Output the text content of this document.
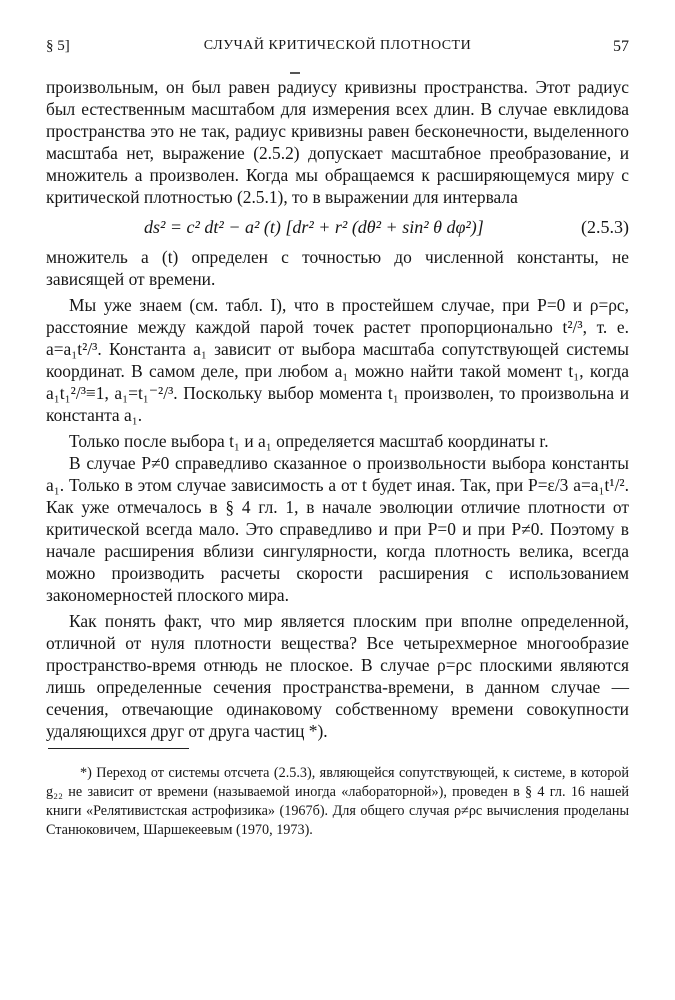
§ 5]	СЛУЧАЙ КРИТИЧЕСКОЙ ПЛОТНОСТИ	57

произвольным, он был равен радиусу кривизны пространства. Этот радиус был естественным масштабом для измерения всех длин. В случае евклидова пространства это не так, радиус кривизны равен бесконечности, выделенного масштаба нет, выражение (2.5.2) допускает масштабное преобразование, и множитель a произволен. Когда мы обращаемся к расширяющемуся миру с критической плотностью (2.5.1), то в выражении для интервала

ds² = c² dt² − a² (t) [dr² + r² (dθ² + sin² θ dφ²)]	(2.5.3)

множитель a (t) определен с точностью до численной константы, не зависящей от времени.

Мы уже знаем (см. табл. I), что в простейшем случае, при P=0 и ρ=ρc, расстояние между каждой парой точек растет пропорционально t²/³, т. е. a=a₁t²/³. Константа a₁ зависит от выбора масштаба сопутствующей системы координат. В самом деле, при любом a₁ можно найти такой момент t₁, когда a₁t₁²/³≡1, a₁=t₁⁻²/³. Поскольку выбор момента t₁ произволен, то произвольна и константа a₁.

Только после выбора t₁ и a₁ определяется масштаб координаты r.

В случае P≠0 справедливо сказанное о произвольности выбора константы a₁. Только в этом случае зависимость a от t будет иная. Так, при P=ε/3 a=a₁t¹/². Как уже отмечалось в § 4 гл. 1, в начале эволюции отличие плотности от критической всегда мало. Это справедливо и при P=0 и при P≠0. Поэтому в начале расширения вблизи сингулярности, когда плотность велика, всегда можно производить расчеты скорости расширения с использованием закономерностей плоского мира.

Как понять факт, что мир является плоским при вполне определенной, отличной от нуля плотности вещества? Все четырехмерное многообразие пространство-время отнюдь не плоское. В случае ρ=ρc плоскими являются лишь определенные сечения пространства-времени, в данном случае — сечения, отвечающие одинаковому собственному времени совокупности удаляющихся друг от друга частиц *).

*) Переход от системы отсчета (2.5.3), являющейся сопутствующей, к системе, в которой g₂₂ не зависит от времени (называемой иногда «лабораторной»), проведен в § 4 гл. 16 нашей книги «Релятивистская астрофизика» (1967б). Для общего случая ρ≠ρc вычисления проделаны Станюковичем, Шаршекеевым (1970, 1973).
